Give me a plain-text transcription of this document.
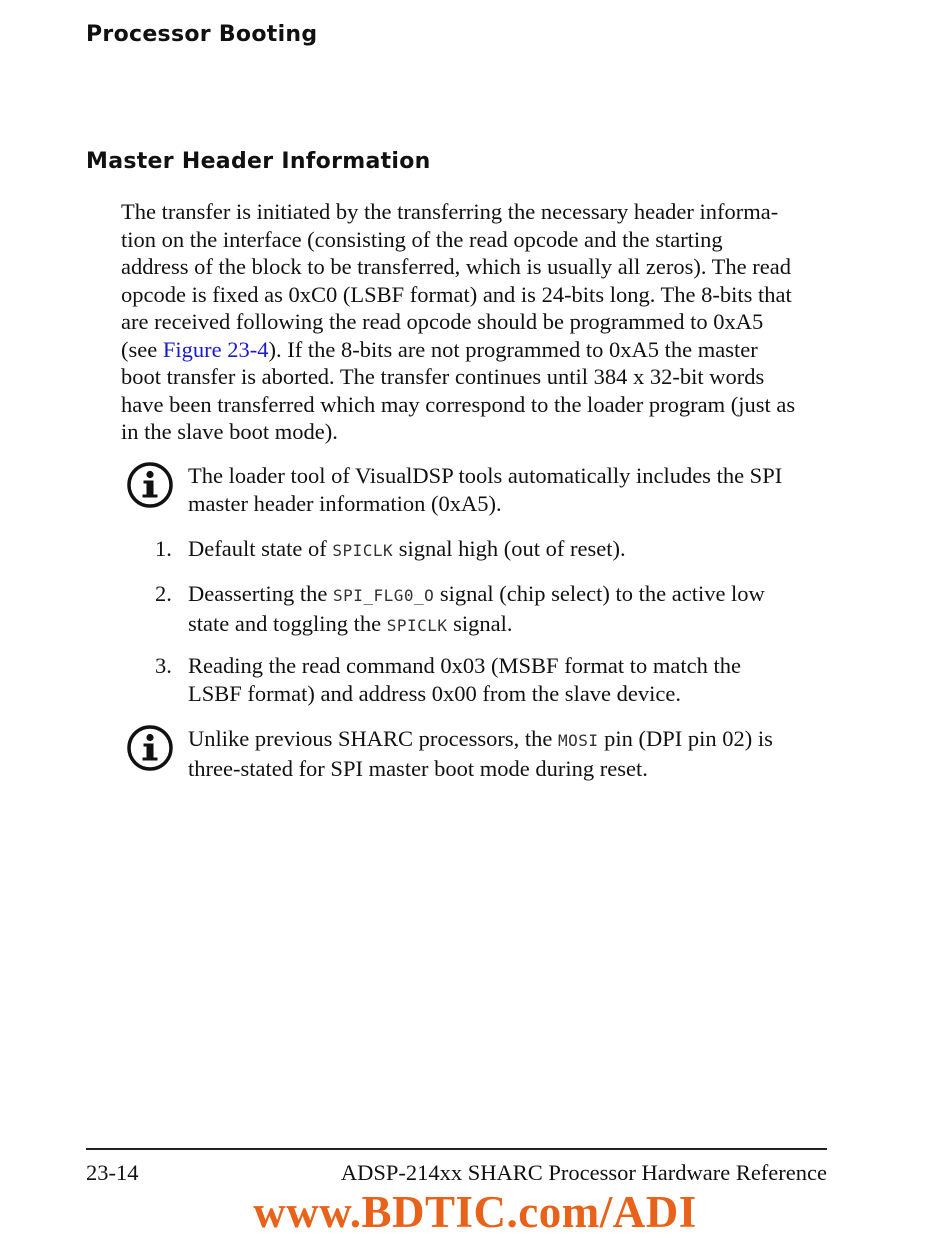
Processor Booting
Master Header Information
The transfer is initiated by the transferring the necessary header informa-
tion on the interface (consisting of the read opcode and the starting
address of the block to be transferred, which is usually all zeros). The read
opcode is fixed as 0xC0 (LSBF format) and is 24-bits long. The 8-bits that
are received following the read opcode should be programmed to 0xA5
(see Figure 23-4). If the 8-bits are not programmed to 0xA5 the master
boot transfer is aborted. The transfer continues until 384 x 32-bit words
have been transferred which may correspond to the loader program (just as
in the slave boot mode).
The loader tool of VisualDSP tools automatically includes the SPI
master header information (0xA5).
1. Default state of SPICLK signal high (out of reset).
2. Deasserting the SPI_FLG0_O signal (chip select) to the active low
state and toggling the SPICLK signal.
3. Reading the read command 0x03 (MSBF format to match the
LSBF format) and address 0x00 from the slave device.
Unlike previous SHARC processors, the MOSI pin (DPI pin 02) is
three-stated for SPI master boot mode during reset.
23-14	ADSP-214xx SHARC Processor Hardware Reference
www.BDTIC.com/ADI
